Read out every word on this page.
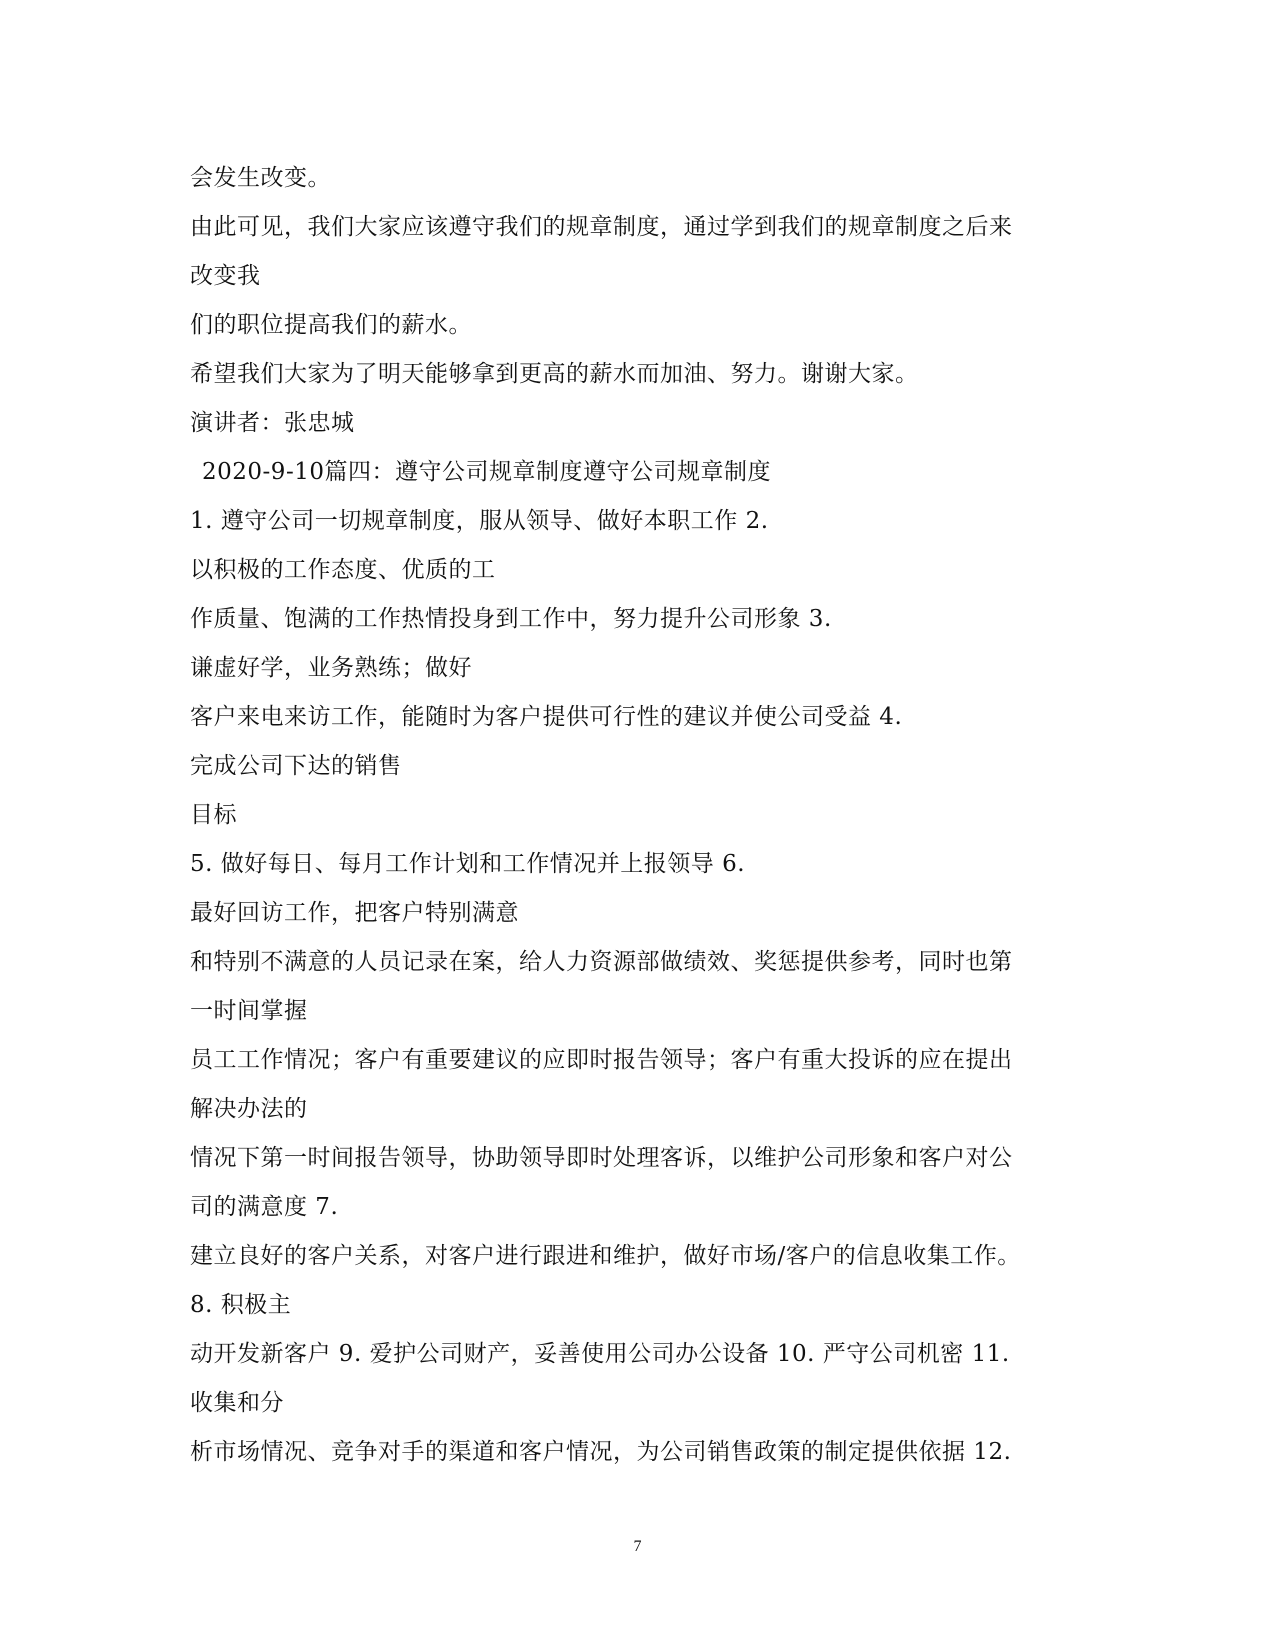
会发生改变。
由此可见，我们大家应该遵守我们的规章制度，通过学到我们的规章制度之后来
改变我
们的职位提高我们的薪水。
希望我们大家为了明天能够拿到更高的薪水而加油、努力。谢谢大家。
演讲者：张忠城
2020-9-10篇四：遵守公司规章制度遵守公司规章制度
1. 遵守公司一切规章制度，服从领导、做好本职工作 2.
以积极的工作态度、优质的工
作质量、饱满的工作热情投身到工作中，努力提升公司形象 3.
谦虚好学，业务熟练；做好
客户来电来访工作，能随时为客户提供可行性的建议并使公司受益 4.
完成公司下达的销售
目标
5. 做好每日、每月工作计划和工作情况并上报领导 6.
最好回访工作，把客户特别满意
和特别不满意的人员记录在案，给人力资源部做绩效、奖惩提供参考，同时也第
一时间掌握
员工工作情况；客户有重要建议的应即时报告领导；客户有重大投诉的应在提出
解决办法的
情况下第一时间报告领导，协助领导即时处理客诉，以维护公司形象和客户对公
司的满意度 7.
建立良好的客户关系，对客户进行跟进和维护，做好市场/客户的信息收集工作。
8. 积极主
动开发新客户 9. 爱护公司财产，妥善使用公司办公设备 10. 严守公司机密 11.
收集和分
析市场情况、竞争对手的渠道和客户情况，为公司销售政策的制定提供依据 12.
7
